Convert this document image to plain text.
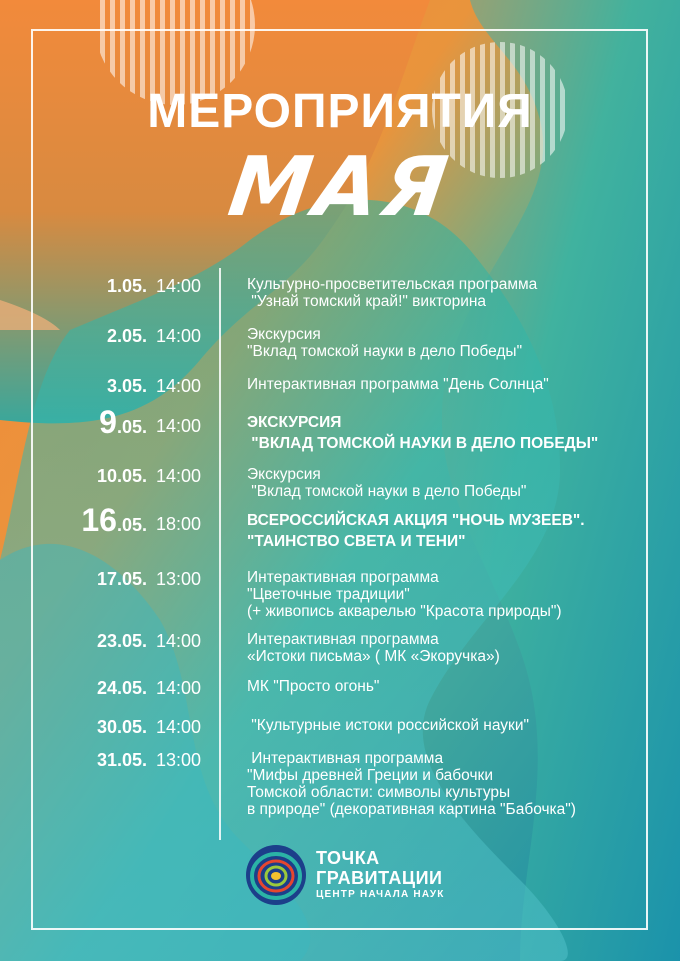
МЕРОПРИЯТИЯ
МАЯ
1.05. 14:00	Культурно-просветительская программа
"Узнай томский край!" викторина
2.05. 14:00	Экскурсия
"Вклад томской науки в дело Победы"
3.05. 14:00	Интерактивная программа "День Солнца"
9.05. 14:00	ЭКСКУРСИЯ
"ВКЛАД ТОМСКОЙ НАУКИ В ДЕЛО ПОБЕДЫ"
10.05. 14:00	Экскурсия
"Вклад томской науки в дело Победы"
16.05. 18:00	ВСЕРОССИЙСКАЯ АКЦИЯ "НОЧЬ МУЗЕЕВ".
"ТАИНСТВО СВЕТА И ТЕНИ"
17.05. 13:00	Интерактивная программа
"Цветочные традиции"
(+ живопись акварелью "Красота природы")
23.05. 14:00	Интерактивная программа
«Истоки письма» ( МК «Экоручка»)
24.05. 14:00	МК "Просто огонь"
30.05. 14:00	"Культурные истоки российской науки"
31.05. 13:00	Интерактивная программа
"Мифы древней Греции и бабочки
Томской области: символы культуры
в природе" (декоративная картина "Бабочка")
ТОЧКА
ГРАВИТАЦИИ
ЦЕНТР НАЧАЛА НАУК
